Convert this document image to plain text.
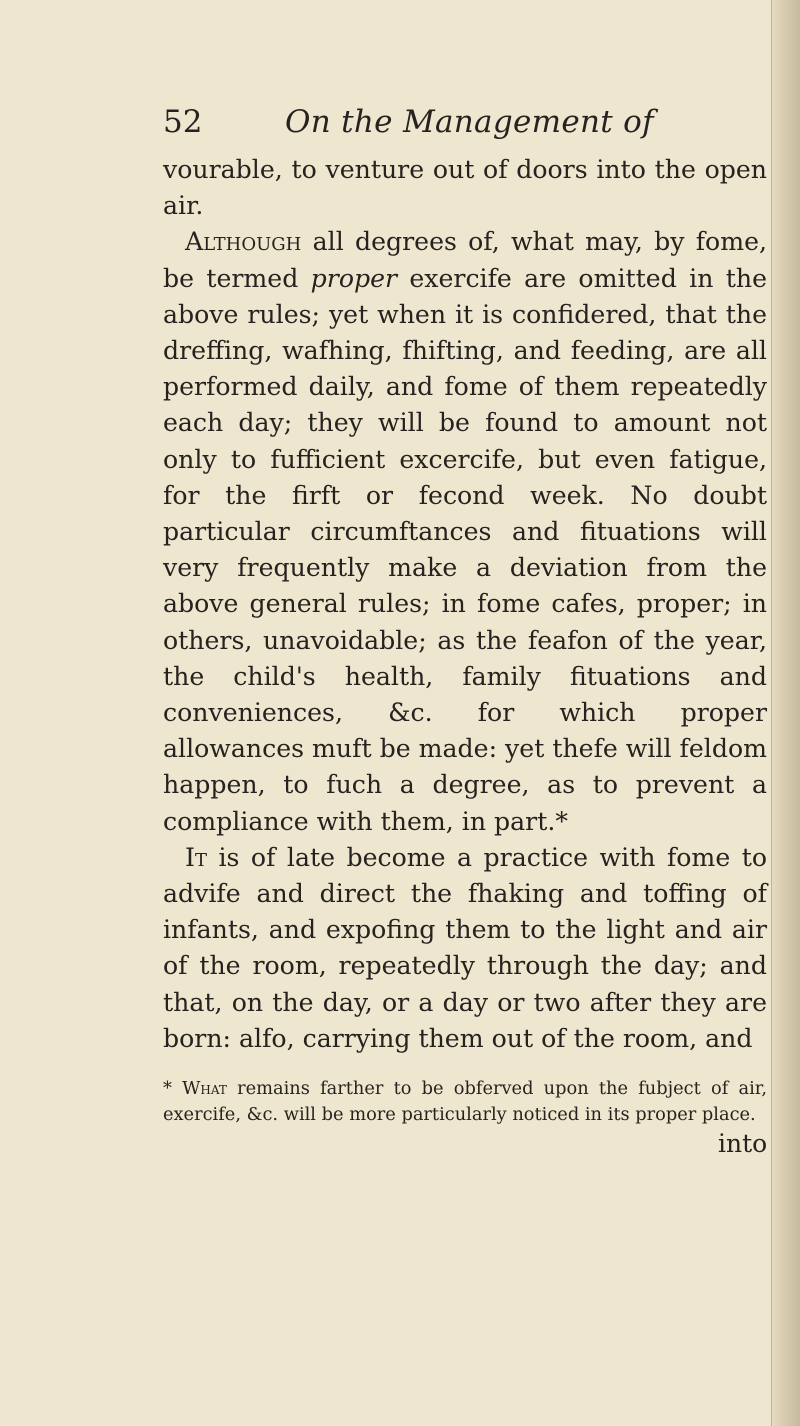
52	On the Management of

vourable, to venture out of doors into the open air.

Although all degrees of, what may, by fome, be termed proper exercife are omitted in the above rules; yet when it is confidered, that the dreffing, wafhing, fhifting, and feeding, are all performed daily, and fome of them repeatedly each day; they will be found to amount not only to fufficient excercife, but even fatigue, for the firft or fecond week. No doubt particular circumftances and fituations will very frequently make a deviation from the above general rules; in fome cafes, proper; in others, unavoidable; as the feafon of the year, the child's health, family fituations and conveniences, &c. for which proper allowances muft be made: yet thefe will feldom happen, to fuch a degree, as to prevent a compliance with them, in part.*

It is of late become a practice with fome to advife and direct the fhaking and toffing of infants, and expofing them to the light and air of the room, repeatedly through the day; and that, on the day, or a day or two after they are born: alfo, carrying them out of the room, and

* What remains farther to be obferved upon the fubject of air, exercife, &c. will be more particularly noticed in its proper place.
into
